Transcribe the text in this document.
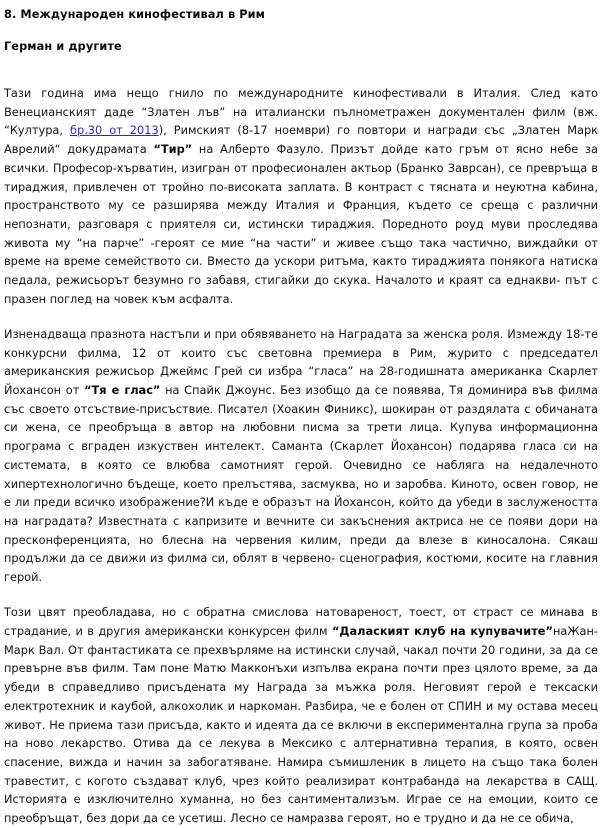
8. Международен кинофестивал в Рим
Герман и другите

Тази година има нещо гнило по международните кинофестивали в Италия. След като Венецианският даде “Златен лъв” на италиански пълнометражен документален филм (вж. “Култура, бр.30 от 2013), Римският (8-17 ноември) го повтори и награди със „Златен Марк Аврелий“ докудрамата “Тир” на Алберто Фазуло. Призът дойде като гръм от ясно небе за всички. Професор-хърватин, изигран от професионален актьор (Бранко Заврсан), се превръща в тираджия, привлечен от тройно по-високата заплата. В контраст с тясната и неуютна кабина, пространството му се разширява между Италия и Франция, където се среща с различни непознати, разговаря с приятеля си, истински тираджия. Поредното роуд муви проследява живота му “на парче” -героят се мие “на части” и живее също така частично, виждайки от време на време семейството си. Вместо да ускори ритъма, както тираджията понякога натиска педала, режисьорът безумно го забавя, стигайки до скука. Началото и краят са еднакви- път с празен поглед на човек към асфалта.

Изненадваща празнота настъпи и при обявяването на Наградата за женска роля. Измежду 18-те конкурсни филма, 12 от които със световна премиера в Рим, журито с председател американския режисьор Джеймс Грей си избра “гласа” на 28-годишната американка Скарлет Йохансон от “Тя е глас” на Спайк Джоунс. Без изобщо да се появява, Тя доминира във филма със своето отсъствие-присъствие. Писател (Хоакин Финикс), шокиран от раздялата с обичаната си жена, се преобръща в автор на любовни писма за трети лица. Купува информационна програма с вграден изкуствен интелект. Саманта (Скарлет Йохансон) подарява гласа си на системата, в която се влюбва самотният герой. Очевидно се набляга на недалечното хипертехнологично бъдеще, което прелъстява, засмуква, но и заробва. Киното, освен говор, не е ли преди всичко изображение?И къде е образът на Йохансон, който да убеди в заслужеността на наградата? Известната с капризите и вечните си закъснения актриса не се появи дори на пресконференцията, но блесна на червения килим, преди да влезе в киносалона. Сякаш продължи да се движи из филма си, облят в червено- сценография, костюми, косите на главния герой.

Този цвят преобладава, но с обратна смислова натовареност, тоест, от страст се минава в страдание, и в другия американски конкурсен филм “Далаският клуб на купувачите”наЖан-Марк Вал. От фантастиката се прехвърляме на истински случай, чакал почти 20 години, за да се превърне във филм. Там поне Матю Макконъхи изпълва екрана почти през цялото време, за да убеди в справедливо присъдената му Награда за мъжка роля. Неговият герой е тексаски електротехник и каубой, алкохолик и наркоман. Разбира, че е болен от СПИН и му остава месец живот. Не приема тази присъда, както и идеята да се включи в експериментална група за проба на ново лекарство. Отива да се лекува в Мексико с алтернативна терапия, в която, освен спасение, вижда и начин за забогатяване. Намира съмишленик в лицето на също така болен травестит, с когото създават клуб, чрез който реализират контрабанда на лекарства в САЩ. Историята е изключително хуманна, но без сантиментализъм. Играе се на емоции, които се преобръщат, без дори да се усетиш. Лесно се намразва героят, но е трудно и да не се обича,
